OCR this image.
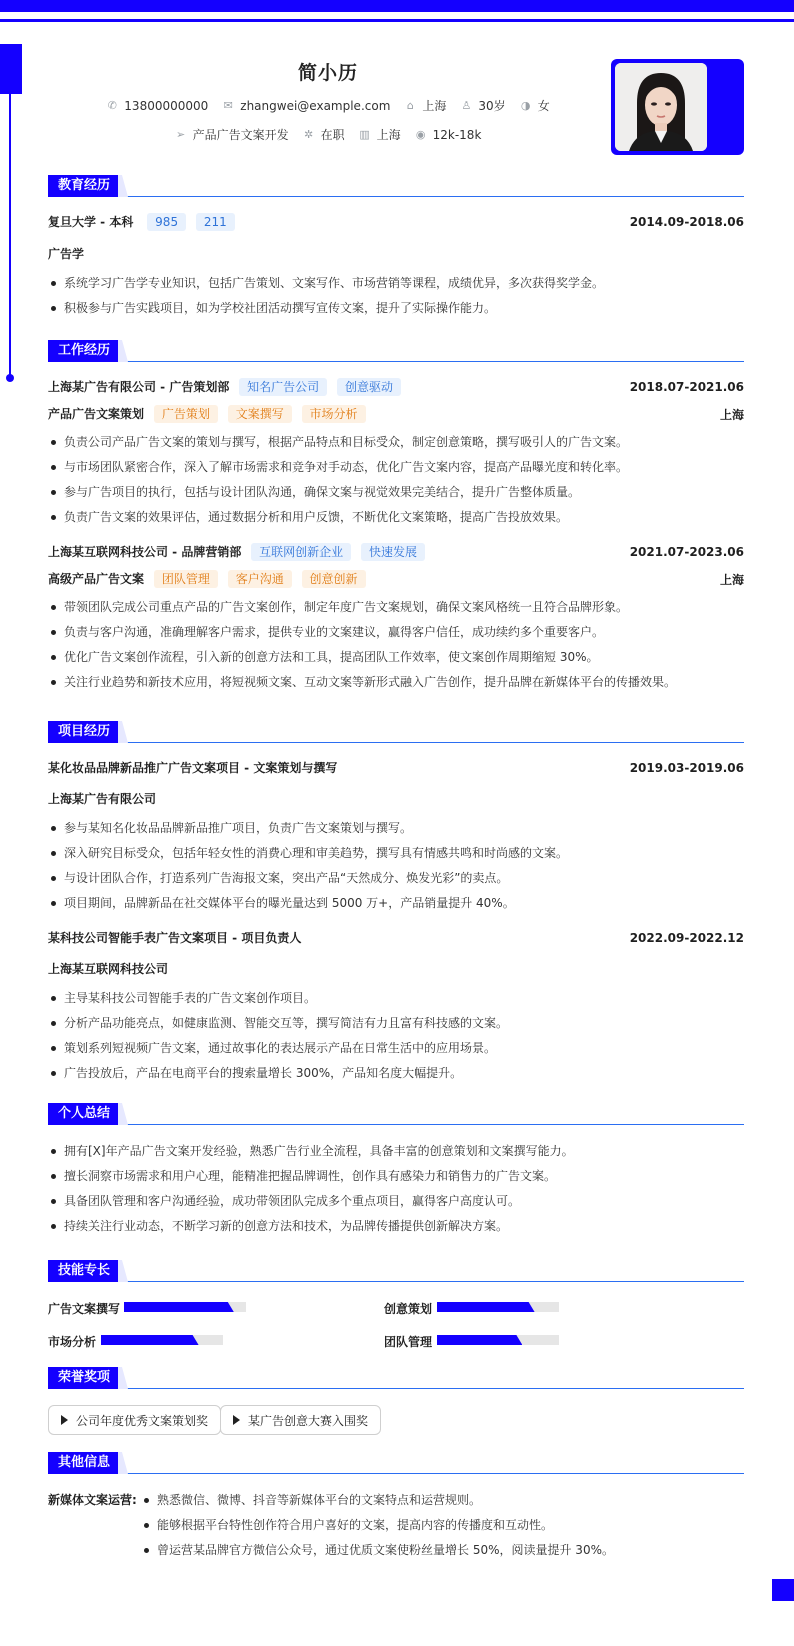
简小历
✆ 13800000000 ✉ zhangwei@example.com ⌂ 上海 ♙ 30岁 ◑ 女
➢ 产品广告文案开发 ✲ 在职 ▥ 上海 ◉ 12k-18k
教育经历
复旦大学 - 本科 985 211	2014.09-2018.06
广告学
系统学习广告学专业知识，包括广告策划、文案写作、市场营销等课程，成绩优异，多次获得奖学金。
积极参与广告实践项目，如为学校社团活动撰写宣传文案，提升了实际操作能力。
工作经历
上海某广告有限公司 - 广告策划部 知名广告公司 创意驱动	2018.07-2021.06
产品广告文案策划 广告策划 文案撰写 市场分析	上海
负责公司产品广告文案的策划与撰写，根据产品特点和目标受众，制定创意策略，撰写吸引人的广告文案。
与市场团队紧密合作，深入了解市场需求和竞争对手动态，优化广告文案内容，提高产品曝光度和转化率。
参与广告项目的执行，包括与设计团队沟通，确保文案与视觉效果完美结合，提升广告整体质量。
负责广告文案的效果评估，通过数据分析和用户反馈，不断优化文案策略，提高广告投放效果。
上海某互联网科技公司 - 品牌营销部 互联网创新企业 快速发展	2021.07-2023.06
高级产品广告文案 团队管理 客户沟通 创意创新	上海
带领团队完成公司重点产品的广告文案创作，制定年度广告文案规划，确保文案风格统一且符合品牌形象。
负责与客户沟通，准确理解客户需求，提供专业的文案建议，赢得客户信任，成功续约多个重要客户。
优化广告文案创作流程，引入新的创意方法和工具，提高团队工作效率，使文案创作周期缩短 30%。
关注行业趋势和新技术应用，将短视频文案、互动文案等新形式融入广告创作，提升品牌在新媒体平台的传播效果。
项目经历
某化妆品品牌新品推广广告文案项目 - 文案策划与撰写	2019.03-2019.06
上海某广告有限公司
参与某知名化妆品品牌新品推广项目，负责广告文案策划与撰写。
深入研究目标受众，包括年轻女性的消费心理和审美趋势，撰写具有情感共鸣和时尚感的文案。
与设计团队合作，打造系列广告海报文案，突出产品“天然成分、焕发光彩”的卖点。
项目期间，品牌新品在社交媒体平台的曝光量达到 5000 万+，产品销量提升 40%。
某科技公司智能手表广告文案项目 - 项目负责人	2022.09-2022.12
上海某互联网科技公司
主导某科技公司智能手表的广告文案创作项目。
分析产品功能亮点，如健康监测、智能交互等，撰写简洁有力且富有科技感的文案。
策划系列短视频广告文案，通过故事化的表达展示产品在日常生活中的应用场景。
广告投放后，产品在电商平台的搜索量增长 300%，产品知名度大幅提升。
个人总结
拥有[X]年产品广告文案开发经验，熟悉广告行业全流程，具备丰富的创意策划和文案撰写能力。
擅长洞察市场需求和用户心理，能精准把握品牌调性，创作具有感染力和销售力的广告文案。
具备团队管理和客户沟通经验，成功带领团队完成多个重点项目，赢得客户高度认可。
持续关注行业动态，不断学习新的创意方法和技术，为品牌传播提供创新解决方案。
技能专长
广告文案撰写	创意策划
市场分析	团队管理
荣誉奖项
公司年度优秀文案策划奖	某广告创意大赛入围奖
其他信息
新媒体文案运营:	熟悉微信、微博、抖音等新媒体平台的文案特点和运营规则。
能够根据平台特性创作符合用户喜好的文案，提高内容的传播度和互动性。
曾运营某品牌官方微信公众号，通过优质文案使粉丝量增长 50%，阅读量提升 30%。
